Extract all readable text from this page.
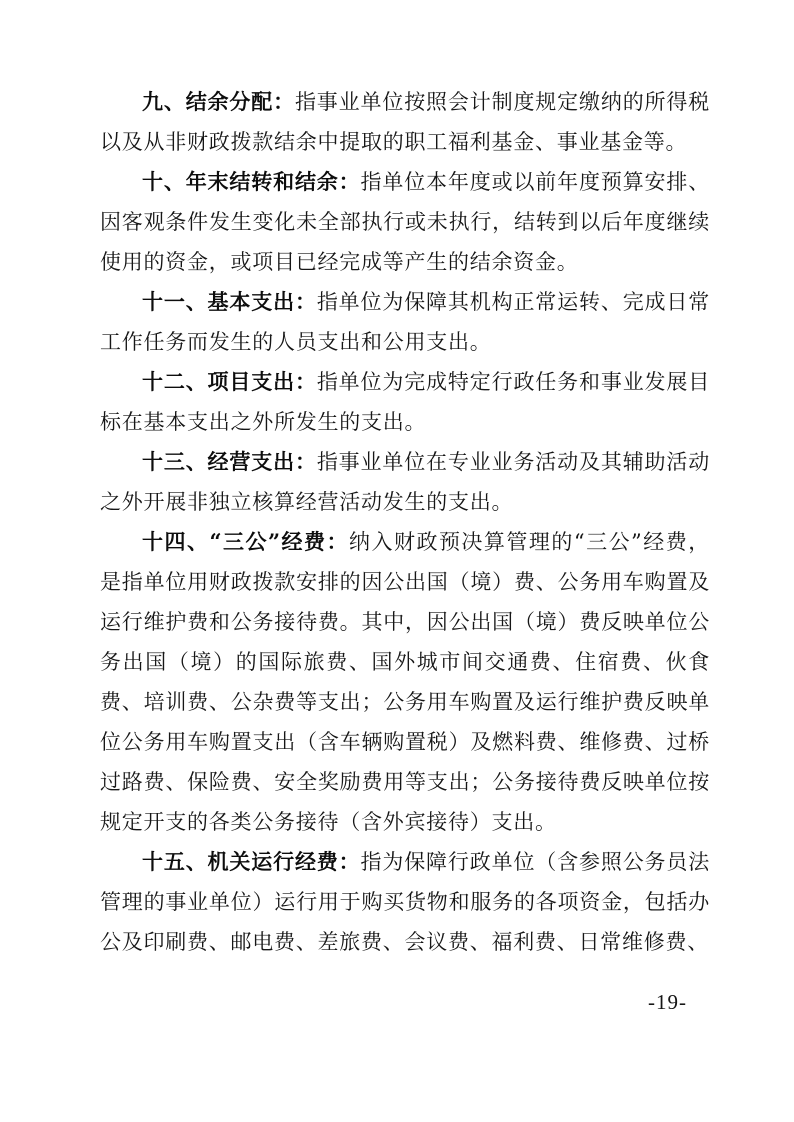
九、结余分配：指事业单位按照会计制度规定缴纳的所得税以及从非财政拨款结余中提取的职工福利基金、事业基金等。

十、年末结转和结余：指单位本年度或以前年度预算安排、因客观条件发生变化未全部执行或未执行，结转到以后年度继续使用的资金，或项目已经完成等产生的结余资金。

十一、基本支出：指单位为保障其机构正常运转、完成日常工作任务而发生的人员支出和公用支出。

十二、项目支出：指单位为完成特定行政任务和事业发展目标在基本支出之外所发生的支出。

十三、经营支出：指事业单位在专业业务活动及其辅助活动之外开展非独立核算经营活动发生的支出。

十四、“三公”经费：纳入财政预决算管理的“三公”经费，是指单位用财政拨款安排的因公出国（境）费、公务用车购置及运行维护费和公务接待费。其中，因公出国（境）费反映单位公务出国（境）的国际旅费、国外城市间交通费、住宿费、伙食费、培训费、公杂费等支出；公务用车购置及运行维护费反映单位公务用车购置支出（含车辆购置税）及燃料费、维修费、过桥过路费、保险费、安全奖励费用等支出；公务接待费反映单位按规定开支的各类公务接待（含外宾接待）支出。

十五、机关运行经费：指为保障行政单位（含参照公务员法管理的事业单位）运行用于购买货物和服务的各项资金，包括办公及印刷费、邮电费、差旅费、会议费、福利费、日常维修费、

-19-
